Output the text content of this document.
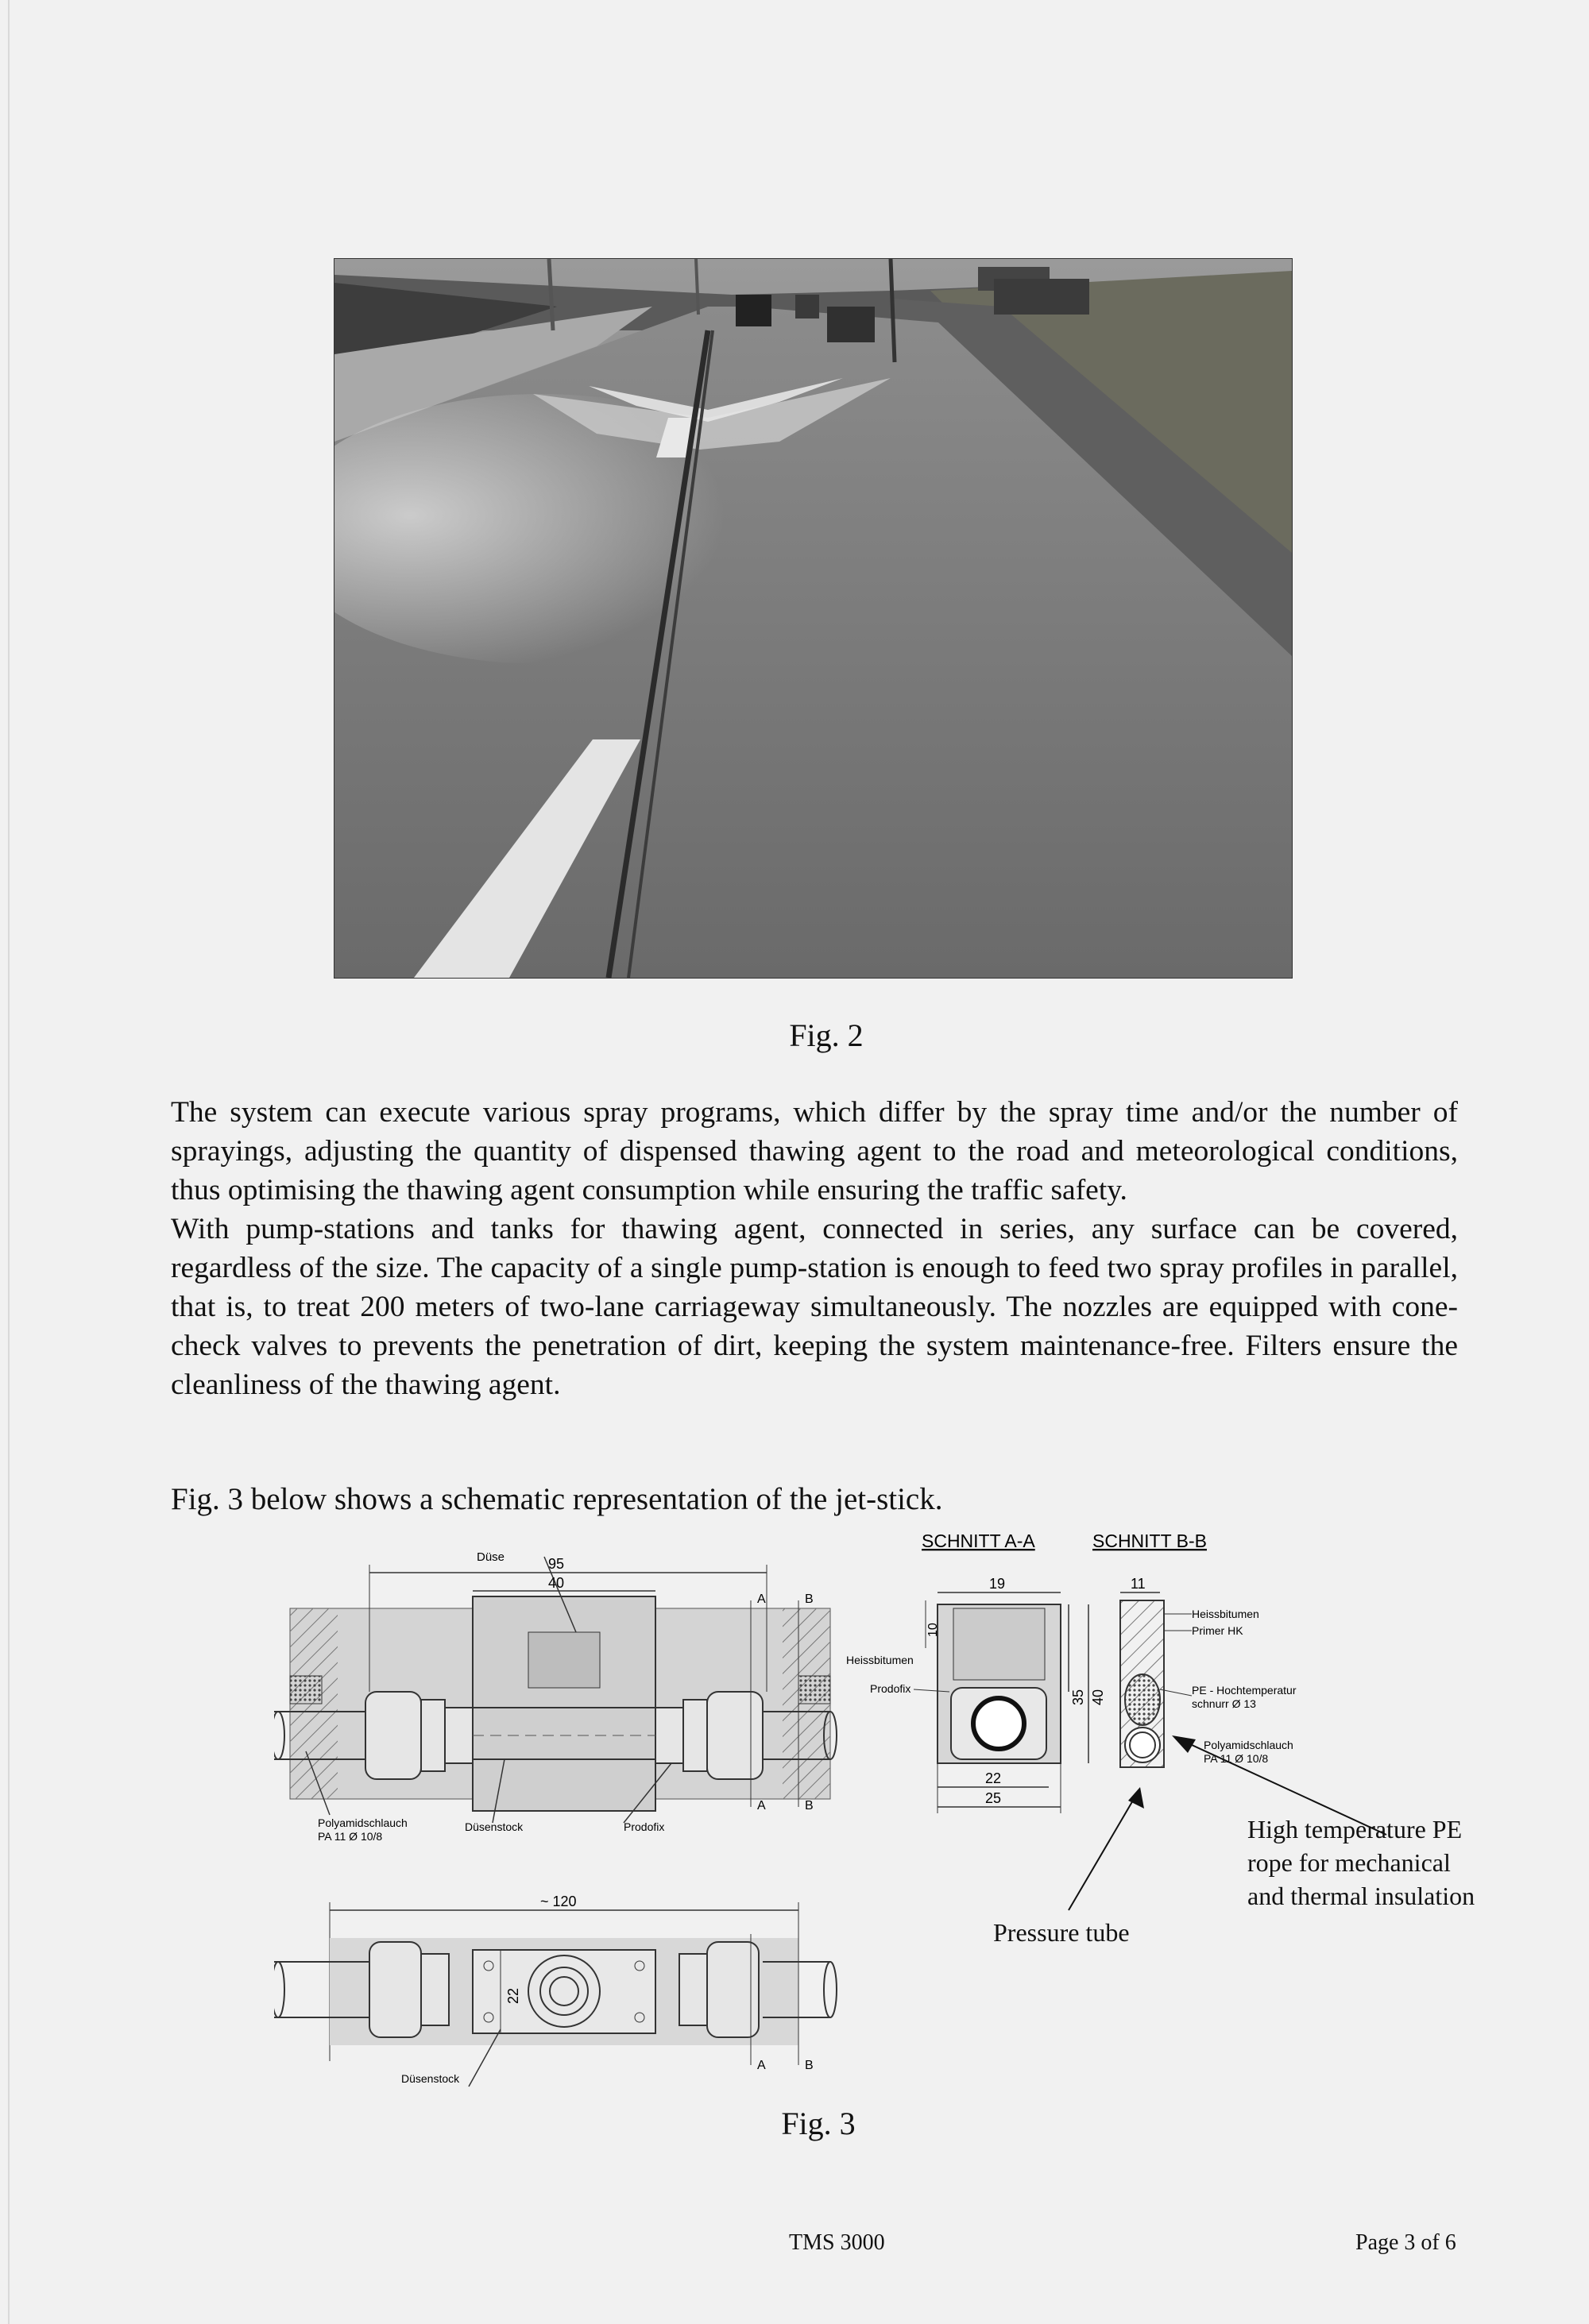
Fig. 2

The system can execute various spray programs, which differ by the spray time and/or the number of sprayings, adjusting the quantity of dispensed thawing agent to the road and meteorological conditions, thus optimising the thawing agent consumption while ensuring the traffic safety.

With pump-stations and tanks for thawing agent, connected in series, any surface can be covered, regardless of the size. The capacity of a single pump-station is enough to feed two spray profiles in parallel, that is, to treat 200 meters of two-lane carriageway simultaneously. The nozzles are equipped with cone-check valves to prevents the penetration of dirt, keeping the system maintenance-free. Filters ensure the cleanliness of the thawing agent.

Fig. 3 below shows a schematic representation of the jet-stick.
Düse	95
40
A	B
A	B
Polyamidschlauch
PA 11 Ø 10/8
Düsenstock	Prodofix
~ 120
22
A	B
Düsenstock
SCHNITT A-A
19
10
35 40
22
25
Heissbitumen
Prodofix
SCHNITT B-B
11
Heissbitumen
Primer HK
PE - Hochtemperatur
schnurr Ø 13
Polyamidschlauch
PA 11 Ø 10/8
High temperature PE
rope for mechanical
and thermal insulation
Pressure tube
Fig. 3
TMS 3000	Page 3 of 6
